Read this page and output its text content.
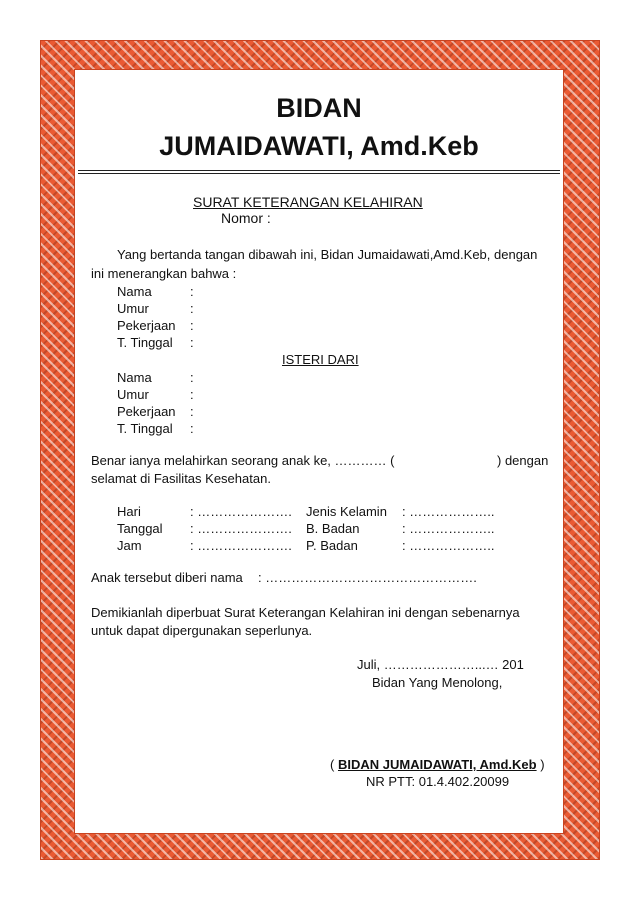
BIDAN
JUMAIDAWATI, Amd.Keb
SURAT KETERANGAN KELAHIRAN
Nomor :
Yang bertanda tangan dibawah ini, Bidan Jumaidawati,Amd.Keb, dengan
ini menerangkan bahwa :
Nama	:
Umur	:
Pekerjaan :
T. Tinggal :
ISTERI DARI
Nama	:
Umur	:
Pekerjaan :
T. Tinggal :
Benar ianya melahirkan seorang anak ke, ………… (	) dengan
selamat di Fasilitas Kesehatan.
Hari	: …………………. Jenis Kelamin : ………………..
Tanggal : …………………. B. Badan	: ………………..
Jam	: …………………. P. Badan	: ………………..
Anak tersebut diberi nama : ………………………………………….
Demikianlah diperbuat Surat Keterangan Kelahiran ini dengan sebenarnya
untuk dapat dipergunakan seperlunya.
Juli, …………………...… 201
Bidan Yang Menolong,
( BIDAN JUMAIDAWATI, Amd.Keb )
NR PTT: 01.4.402.20099
